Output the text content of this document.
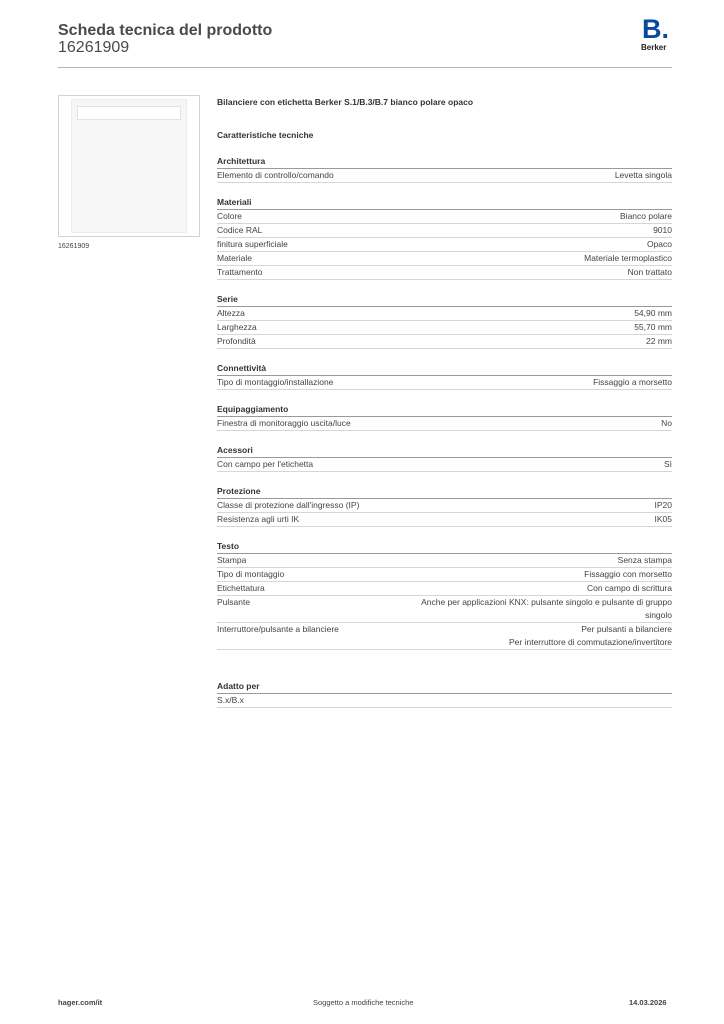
Scheda tecnica del prodotto
16261909
B.
Berker
16261909
Bilanciere con etichetta Berker S.1/B.3/B.7 bianco polare opaco
Caratteristiche tecniche
Architettura
Elemento di controllo/comando	Levetta singola
Materiali
Colore	Bianco polare
Codice RAL	9010
finitura superficiale	Opaco
Materiale	Materiale termoplastico
Trattamento	Non trattato
Serie
Altezza	54,90 mm
Larghezza	55,70 mm
Profondità	22 mm
Connettività
Tipo di montaggio/installazione	Fissaggio a morsetto
Equipaggiamento
Finestra di monitoraggio uscita/luce	No
Acessori
Con campo per l'etichetta	Sì
Protezione
Classe di protezione dall'ingresso (IP)	IP20
Resistenza agli urti IK	IK05
Testo
Stampa	Senza stampa
Tipo di montaggio	Fissaggio con morsetto
Etichettatura	Con campo di scrittura
Pulsante	Anche per applicazioni KNX: pulsante singolo e pulsante di gruppo
singolo
Interruttore/pulsante a bilanciere	Per pulsanti a bilanciere
Per interruttore di commutazione/invertitore
Adatto per
S.x/B.x
hager.com/it	Soggetto a modifiche tecniche	14.03.2026
